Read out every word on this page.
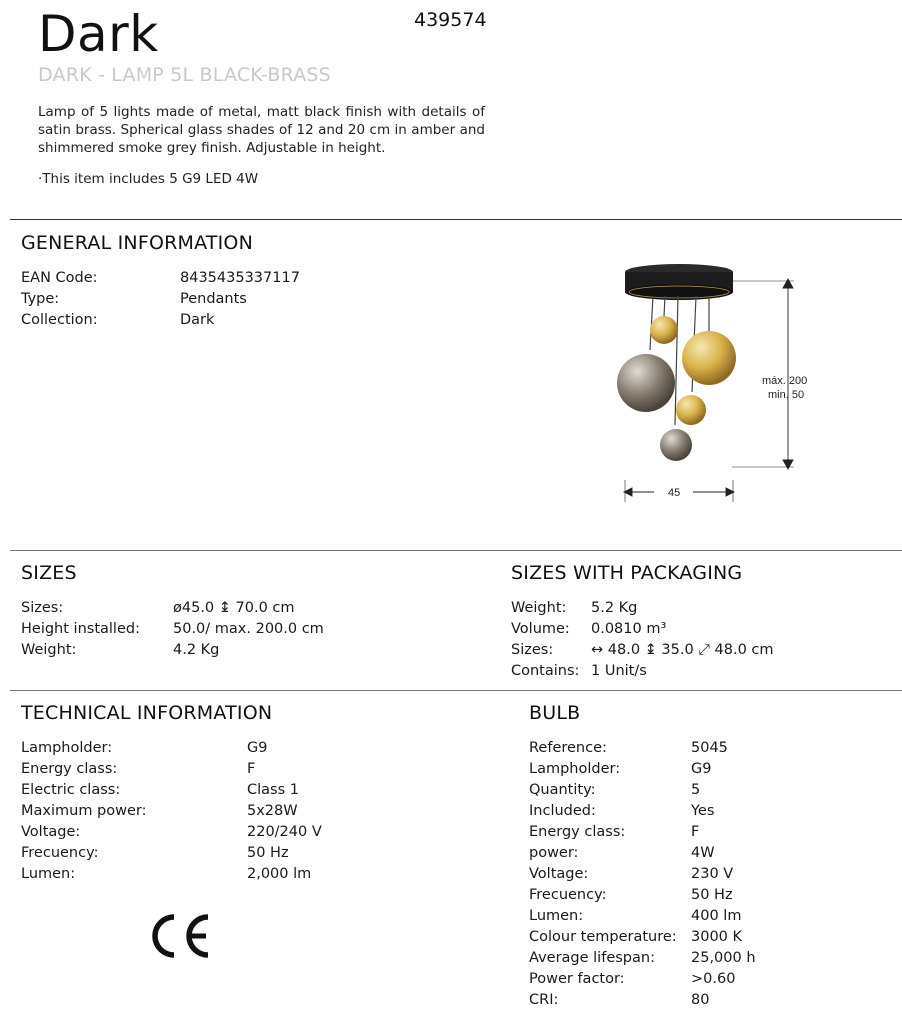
Dark	439574
DARK - LAMP 5L BLACK-BRASS
Lamp of 5 lights made of metal, matt black finish with details of satin brass. Spherical glass shades of 12 and 20 cm in amber and shimmered smoke grey finish. Adjustable in height.
·This item includes 5 G9 LED 4W
GENERAL INFORMATION
EAN Code:	8435435337117
Type:	Pendants
Collection:	Dark
máx. 200
min. 50
45
SIZES
Sizes:	ø45.0 ↨ 70.0 cm
Height installed:	50.0/ max. 200.0 cm
Weight:	4.2 Kg
SIZES WITH PACKAGING
Weight:	5.2 Kg
Volume:	0.0810 m³
Sizes:	↔ 48.0 ↨ 35.0 ⤢ 48.0 cm
Contains: 1 Unit/s
TECHNICAL INFORMATION
Lampholder:	G9
Energy class:	F
Electric class:	Class 1
Maximum power:	5x28W
Voltage:	220/240 V
Frecuency:	50 Hz
Lumen:	2,000 lm
BULB
Reference:	5045
Lampholder:	G9
Quantity:	5
Included:	Yes
Energy class:	F
power:	4W
Voltage:	230 V
Frecuency:	50 Hz
Lumen:	400 lm
Colour temperature: 3000 K
Average lifespan:	25,000 h
Power factor:	>0.60
CRI:	80
